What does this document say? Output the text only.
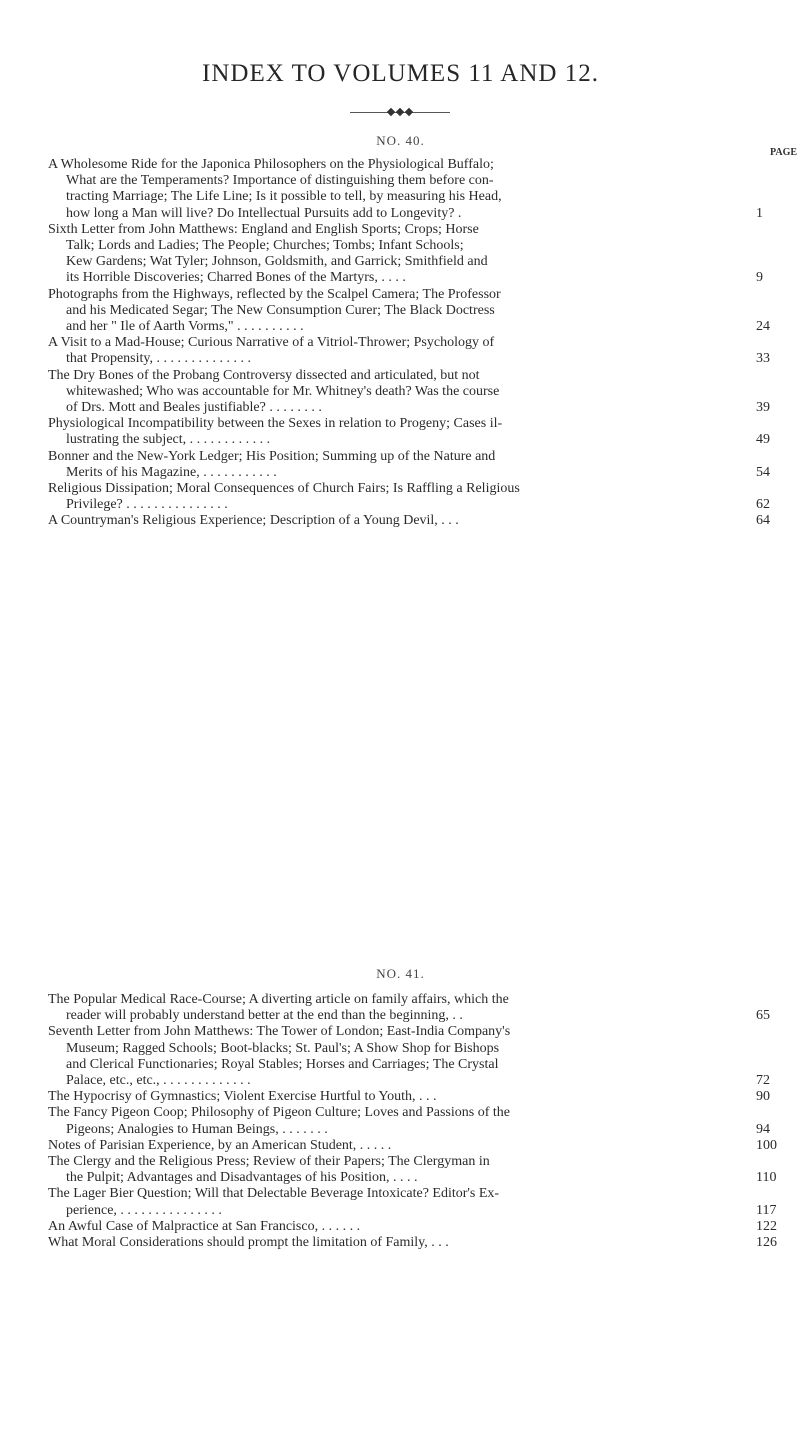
INDEX TO VOLUMES 11 AND 12.
NO. 40.
PAGE
A Wholesome Ride for the Japonica Philosophers on the Physiological Buffalo;
What are the Temperaments? Importance of distinguishing them before con-
tracting Marriage; The Life Line; Is it possible to tell, by measuring his Head,
how long a Man will live? Do Intellectual Pursuits add to Longevity? .	1
Sixth Letter from John Matthews: England and English Sports; Crops; Horse
Talk; Lords and Ladies; The People; Churches; Tombs; Infant Schools;
Kew Gardens; Wat Tyler; Johnson, Goldsmith, and Garrick; Smithfield and
its Horrible Discoveries; Charred Bones of the Martyrs, . . . .	9
Photographs from the Highways, reflected by the Scalpel Camera; The Professor
and his Medicated Segar; The New Consumption Curer; The Black Doctress
and her " Ile of Aarth Vorms," . . . . . . . . . .	24
A Visit to a Mad-House; Curious Narrative of a Vitriol-Thrower; Psychology of
that Propensity, . . . . . . . . . . . . . .	33
The Dry Bones of the Probang Controversy dissected and articulated, but not
whitewashed; Who was accountable for Mr. Whitney's death? Was the course
of Drs. Mott and Beales justifiable? . . . . . . . .	39
Physiological Incompatibility between the Sexes in relation to Progeny; Cases il-
lustrating the subject, . . . . . . . . . . . .	49
Bonner and the New-York Ledger; His Position; Summing up of the Nature and
Merits of his Magazine, . . . . . . . . . . .	54
Religious Dissipation; Moral Consequences of Church Fairs; Is Raffling a Religious
Privilege? . . . . . . . . . . . . . . .	62
A Countryman's Religious Experience; Description of a Young Devil, . . .	64
NO. 41.
The Popular Medical Race-Course; A diverting article on family affairs, which the
reader will probably understand better at the end than the beginning, . .	65
Seventh Letter from John Matthews: The Tower of London; East-India Company's
Museum; Ragged Schools; Boot-blacks; St. Paul's; A Show Shop for Bishops
and Clerical Functionaries; Royal Stables; Horses and Carriages; The Crystal
Palace, etc., etc., . . . . . . . . . . . . .	72
The Hypocrisy of Gymnastics; Violent Exercise Hurtful to Youth, . . .	90
The Fancy Pigeon Coop; Philosophy of Pigeon Culture; Loves and Passions of the
Pigeons; Analogies to Human Beings, . . . . . . .	94
Notes of Parisian Experience, by an American Student, . . . . .	100
The Clergy and the Religious Press; Review of their Papers; The Clergyman in
the Pulpit; Advantages and Disadvantages of his Position, . . . .	110
The Lager Bier Question; Will that Delectable Beverage Intoxicate? Editor's Ex-
perience, . . . . . . . . . . . . . . .	117
An Awful Case of Malpractice at San Francisco, . . . . . .	122
What Moral Considerations should prompt the limitation of Family, . . .	126
